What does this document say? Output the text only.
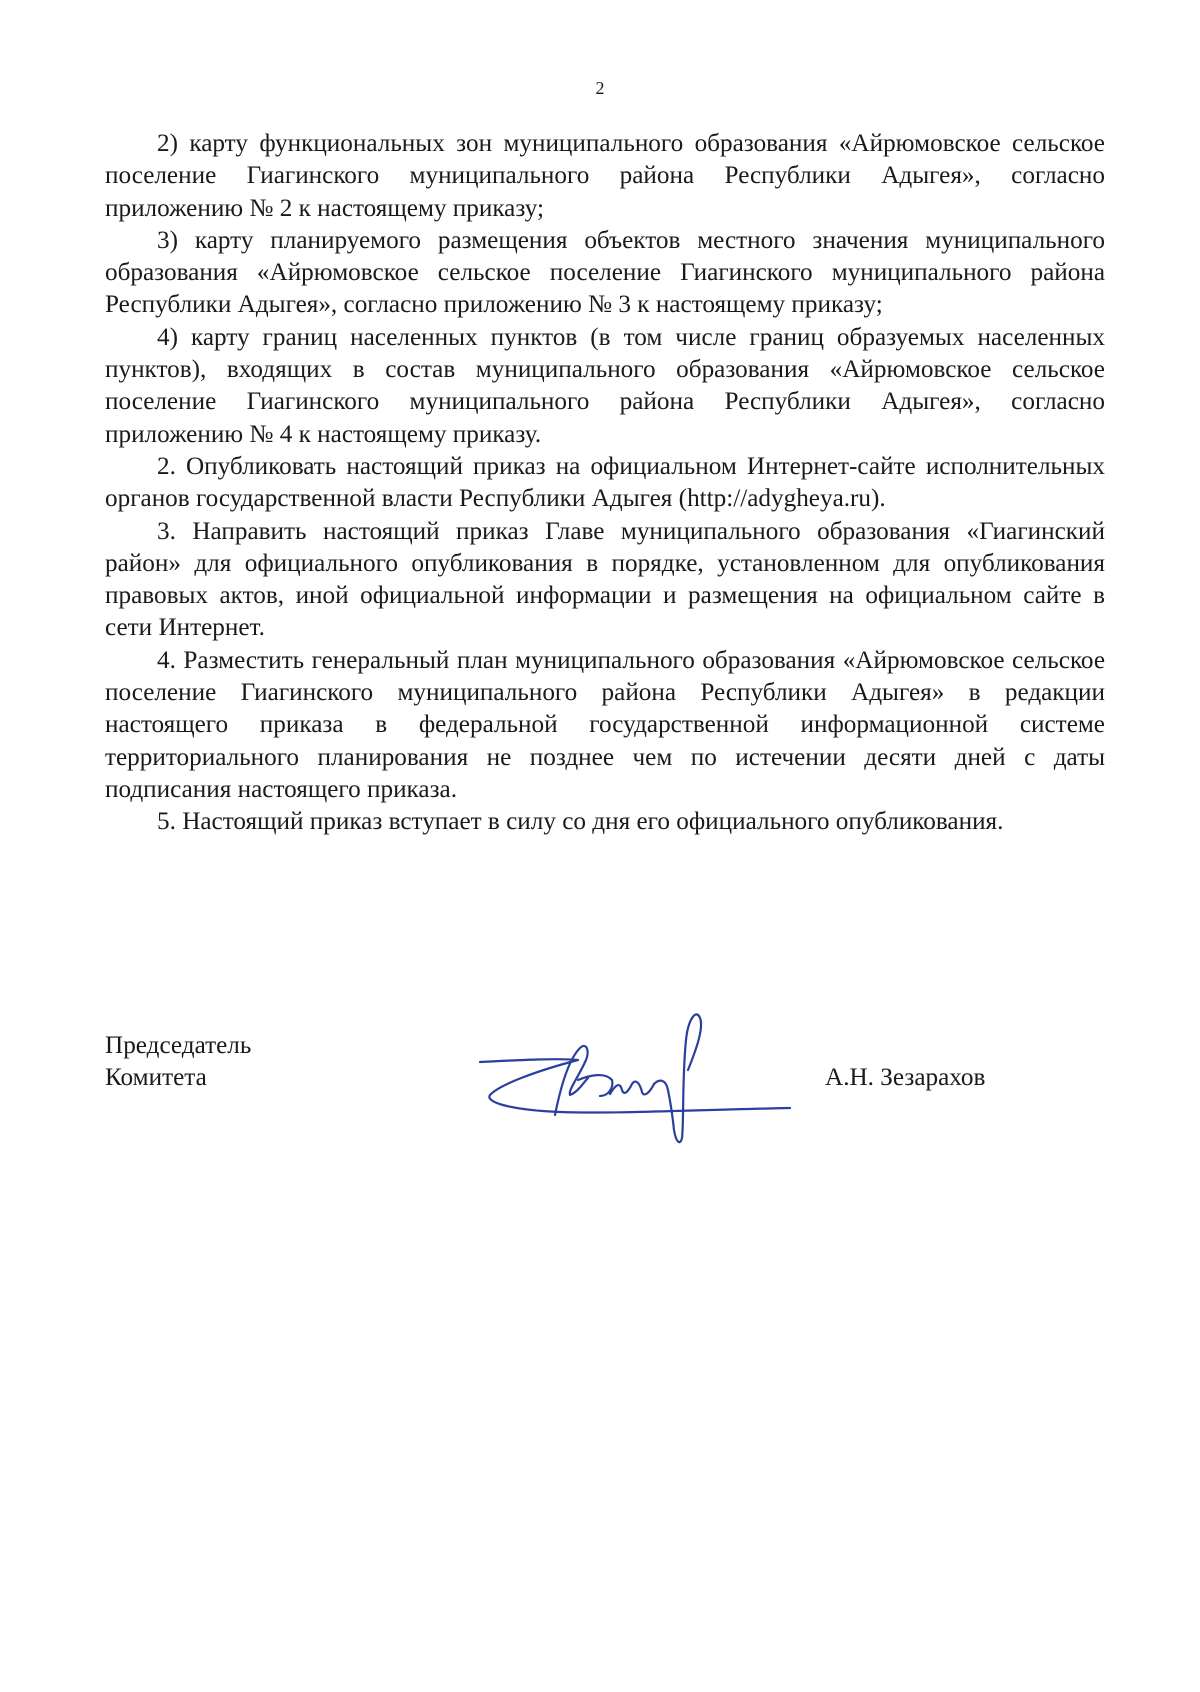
2

2) карту функциональных зон муниципального образования «Айрюмовское сельское поселение Гиагинского муниципального района Республики Адыгея», согласно приложению № 2 к настоящему приказу;

3) карту планируемого размещения объектов местного значения муниципального образования «Айрюмовское сельское поселение Гиагинского муниципального района Республики Адыгея», согласно приложению № 3 к настоящему приказу;

4) карту границ населенных пунктов (в том числе границ образуемых населенных пунктов), входящих в состав муниципального образования «Айрюмовское сельское поселение Гиагинского муниципального района Республики Адыгея», согласно приложению № 4 к настоящему приказу.

2. Опубликовать настоящий приказ на официальном Интернет-сайте исполнительных органов государственной власти Республики Адыгея (http://adygheya.ru).

3. Направить настоящий приказ Главе муниципального образования «Гиагинский район» для официального опубликования в порядке, установленном для опубликования правовых актов, иной официальной информации и размещения на официальном сайте в сети Интернет.

4. Разместить генеральный план муниципального образования «Айрюмовское сельское поселение Гиагинского муниципального района Республики Адыгея» в редакции настоящего приказа в федеральной государственной информационной системе территориального планирования не позднее чем по истечении десяти дней с даты подписания настоящего приказа.

5. Настоящий приказ вступает в силу со дня его официального опубликования.

Председатель
Комитета	А.Н. Зезарахов
